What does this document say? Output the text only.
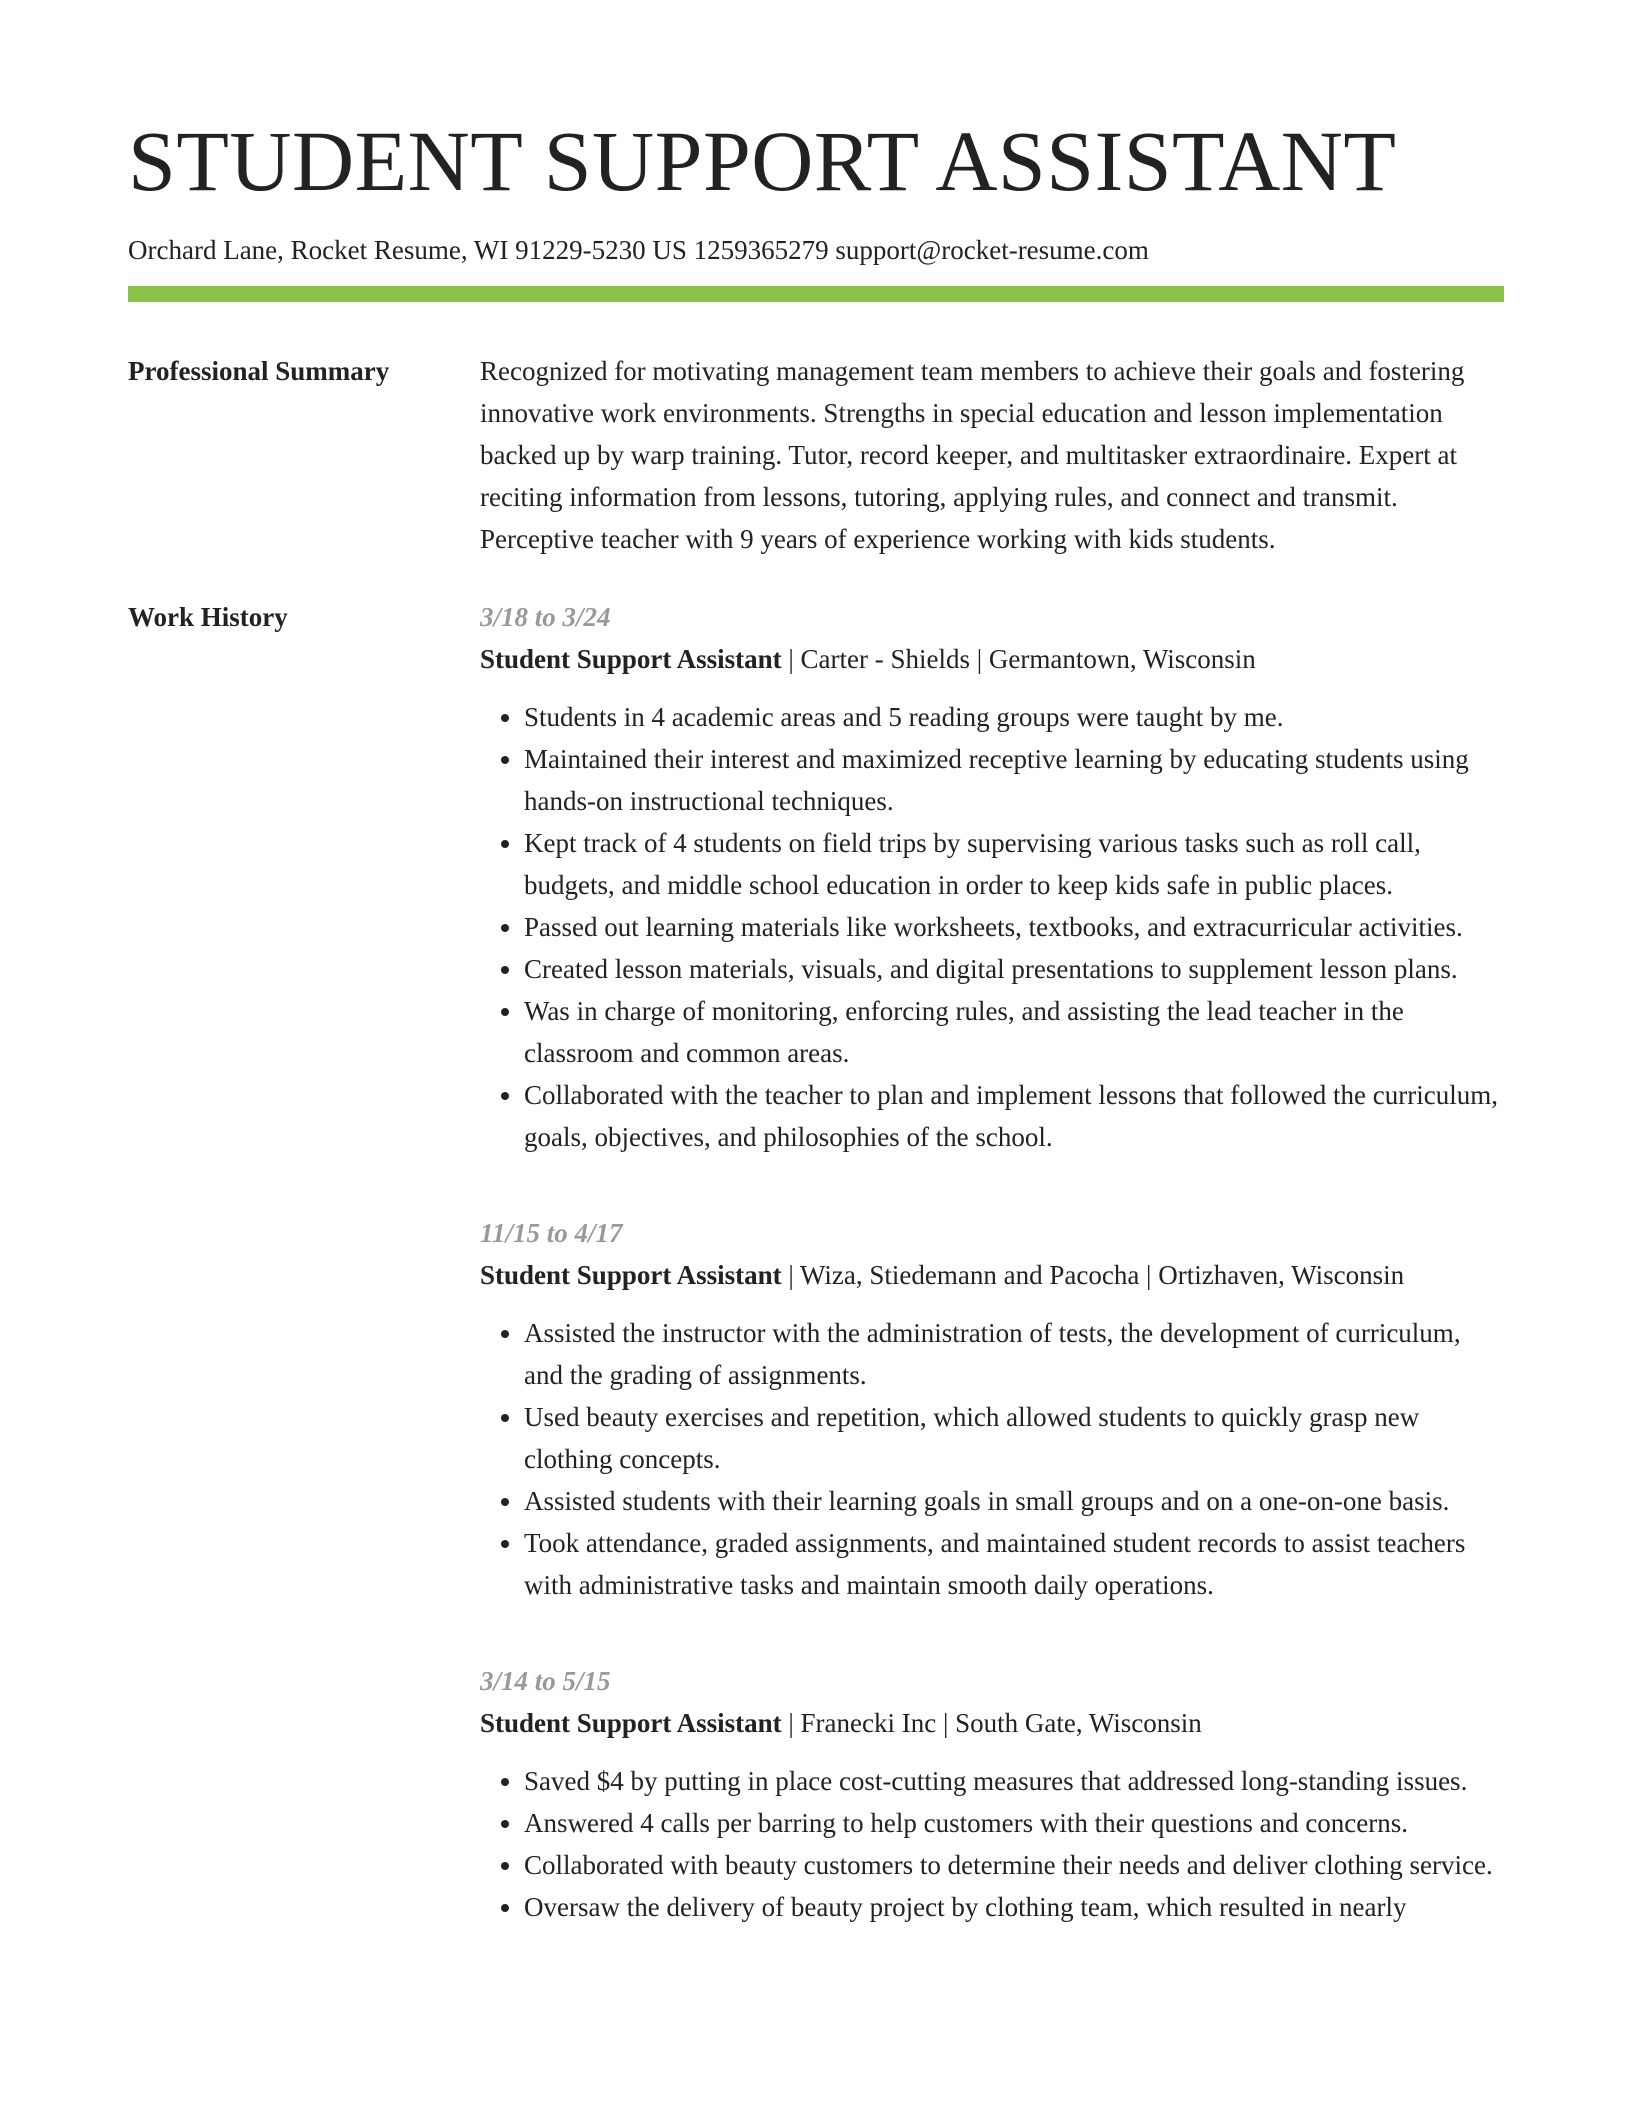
STUDENT SUPPORT ASSISTANT
Orchard Lane, Rocket Resume, WI 91229-5230 US 1259365279 support@rocket-resume.com
Professional Summary	Recognized for motivating management team members to achieve their goals and fostering innovative work environments. Strengths in special education and lesson implementation backed up by warp training. Tutor, record keeper, and multitasker extraordinaire. Expert at reciting information from lessons, tutoring, applying rules, and connect and transmit. Perceptive teacher with 9 years of experience working with kids students.

Work History	3/18 to 3/24
Student Support Assistant | Carter - Shields | Germantown, Wisconsin
• Students in 4 academic areas and 5 reading groups were taught by me.
• Maintained their interest and maximized receptive learning by educating students using hands-on instructional techniques.
• Kept track of 4 students on field trips by supervising various tasks such as roll call, budgets, and middle school education in order to keep kids safe in public places.
• Passed out learning materials like worksheets, textbooks, and extracurricular activities.
• Created lesson materials, visuals, and digital presentations to supplement lesson plans.
• Was in charge of monitoring, enforcing rules, and assisting the lead teacher in the classroom and common areas.
• Collaborated with the teacher to plan and implement lessons that followed the curriculum, goals, objectives, and philosophies of the school.
11/15 to 4/17
Student Support Assistant | Wiza, Stiedemann and Pacocha | Ortizhaven, Wisconsin
• Assisted the instructor with the administration of tests, the development of curriculum, and the grading of assignments.
• Used beauty exercises and repetition, which allowed students to quickly grasp new clothing concepts.
• Assisted students with their learning goals in small groups and on a one-on-one basis.
• Took attendance, graded assignments, and maintained student records to assist teachers with administrative tasks and maintain smooth daily operations.
3/14 to 5/15
Student Support Assistant | Franecki Inc | South Gate, Wisconsin
• Saved $4 by putting in place cost-cutting measures that addressed long-standing issues.
• Answered 4 calls per barring to help customers with their questions and concerns.
• Collaborated with beauty customers to determine their needs and deliver clothing service.
• Oversaw the delivery of beauty project by clothing team, which resulted in nearly
